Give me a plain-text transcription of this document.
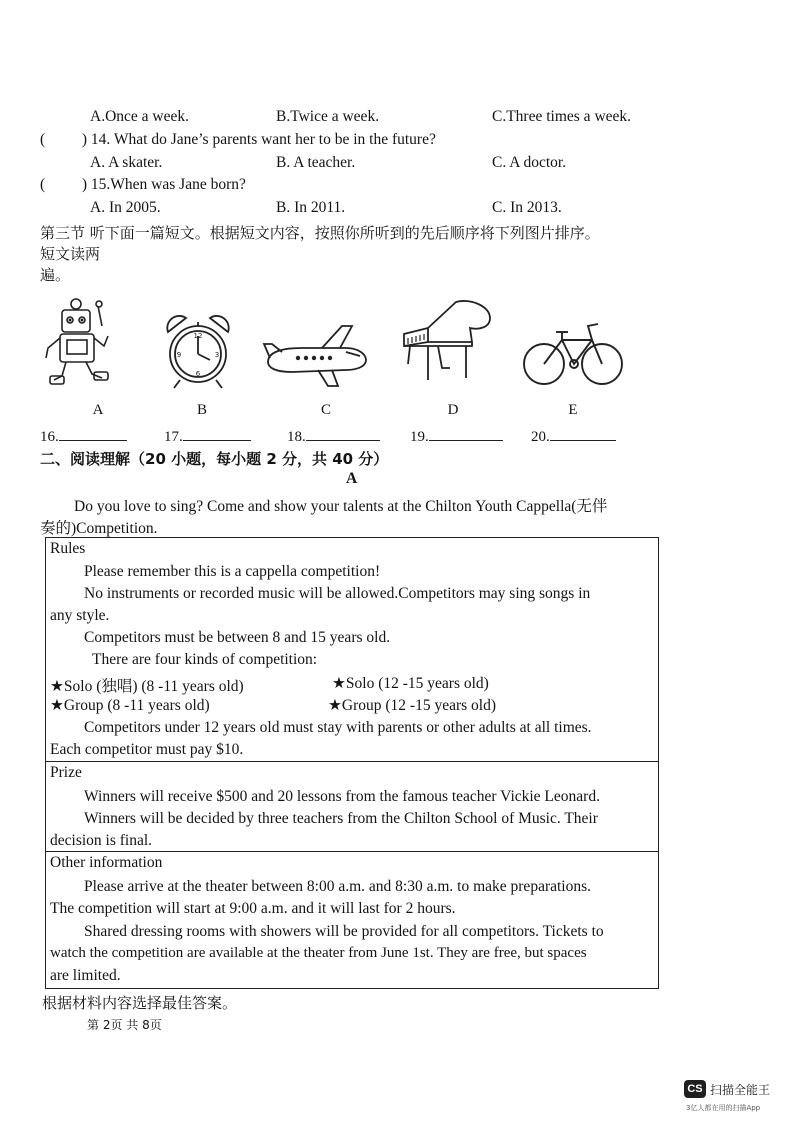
A.Once a week.	B.Twice a week.	C.Three times a week.
( ) 14. What do Jane’s parents want her to be in the future?
A. A skater.	B. A teacher.	C. A doctor.
( ) 15.When was Jane born?
A. In 2005.	B. In 2011.	C. In 2013.
第三节 听下面一篇短文。根据短文内容，按照你所听到的先后顺序将下列图片排序。
短文读两
遍。
12
3
6
9
A	B	C	D	E
16.	17.	18.	19.	20.
二、阅读理解（20 小题，每小题 2 分，共 40 分）
A
Do you love to sing? Come and show your talents at the Chilton Youth Cappella(无伴
奏的)Competition.
Rules

Please remember this is a cappella competition!

No instruments or recorded music will be allowed.Competitors may sing songs in

any style.

Competitors must be between 8 and 15 years old.

There are four kinds of competition:

★Solo (独唱) (8 -11 years old)	★Solo (12 -15 years old)

★Group (8 -11 years old)	★Group (12 -15 years old)

Competitors under 12 years old must stay with parents or other adults at all times.

Each competitor must pay $10.

Prize

Winners will receive $500 and 20 lessons from the famous teacher Vickie Leonard.

Winners will be decided by three teachers from the Chilton School of Music. Their

decision is final.

Other information

Please arrive at the theater between 8:00 a.m. and 8:30 a.m. to make preparations.

The competition will start at 9:00 a.m. and it will last for 2 hours.

Shared dressing rooms with showers will be provided for all competitors. Tickets to

watch the competition are available at the theater from June 1st. They are free, but spaces

are limited.

根据材料内容选择最佳答案。
第 2页 共 8页
CS 扫描全能王
3亿人都在用的扫描App
